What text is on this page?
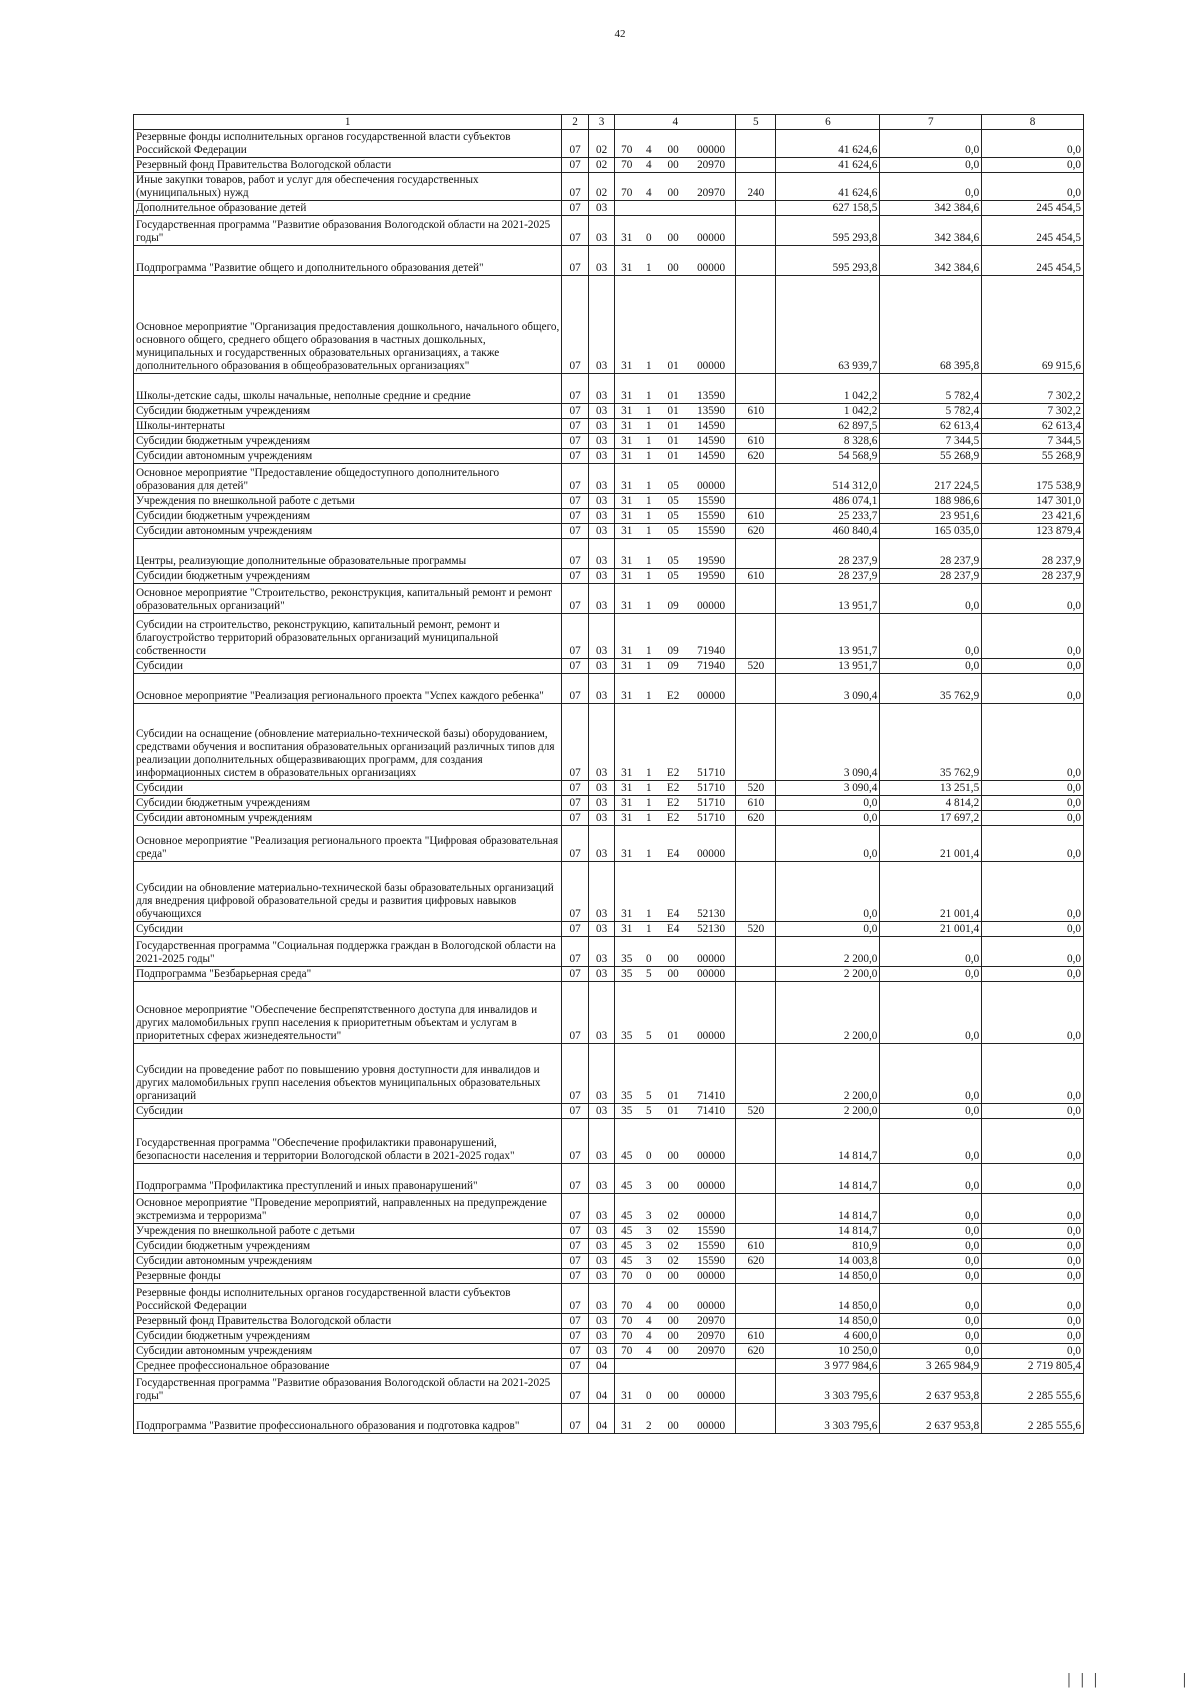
42
1	2	3	4				5	6	7	8
Резервные фонды исполнительных органов государственной власти субъектов Российской Федерации	07	02	70	4	00	00000		41 624,6	0,0	0,0
Резервный фонд Правительства Вологодской области	07	02	70	4	00	20970		41 624,6	0,0	0,0
Иные закупки товаров, работ и услуг для обеспечения государственных (муниципальных) нужд	07	02	70	4	00	20970	240	41 624,6	0,0	0,0
Дополнительное образование детей	07	03						627 158,5	342 384,6	245 454,5
Государственная программа "Развитие образования Вологодской области на 2021-2025 годы"	07	03	31	0	00	00000		595 293,8	342 384,6	245 454,5
Подпрограмма "Развитие общего и дополнительного образования детей"	07	03	31	1	00	00000		595 293,8	342 384,6	245 454,5
Основное мероприятие "Организация предоставления дошкольного, начального общего, основного общего, среднего общего образования в частных дошкольных, муниципальных и государственных образовательных организациях, а также дополнительного образования в общеобразовательных организациях"	07	03	31	1	01	00000		63 939,7	68 395,8	69 915,6
Школы-детские сады, школы начальные, неполные средние и средние	07	03	31	1	01	13590		1 042,2	5 782,4	7 302,2
Субсидии бюджетным учреждениям	07	03	31	1	01	13590	610	1 042,2	5 782,4	7 302,2
Школы-интернаты	07	03	31	1	01	14590		62 897,5	62 613,4	62 613,4
Субсидии бюджетным учреждениям	07	03	31	1	01	14590	610	8 328,6	7 344,5	7 344,5
Субсидии автономным учреждениям	07	03	31	1	01	14590	620	54 568,9	55 268,9	55 268,9
Основное мероприятие "Предоставление общедоступного дополнительного образования для детей"	07	03	31	1	05	00000		514 312,0	217 224,5	175 538,9
Учреждения по внешкольной работе с детьми	07	03	31	1	05	15590		486 074,1	188 986,6	147 301,0
Субсидии бюджетным учреждениям	07	03	31	1	05	15590	610	25 233,7	23 951,6	23 421,6
Субсидии автономным учреждениям	07	03	31	1	05	15590	620	460 840,4	165 035,0	123 879,4
Центры, реализующие дополнительные образовательные программы	07	03	31	1	05	19590		28 237,9	28 237,9	28 237,9
Субсидии бюджетным учреждениям	07	03	31	1	05	19590	610	28 237,9	28 237,9	28 237,9
Основное мероприятие "Строительство, реконструкция, капитальный ремонт и ремонт образовательных организаций"	07	03	31	1	09	00000		13 951,7	0,0	0,0
Субсидии на строительство, реконструкцию, капитальный ремонт, ремонт и благоустройство территорий образовательных организаций муниципальной собственности	07	03	31	1	09	71940		13 951,7	0,0	0,0
Субсидии	07	03	31	1	09	71940	520	13 951,7	0,0	0,0
Основное мероприятие "Реализация регионального проекта "Успех каждого ребенка"	07	03	31	1	E2	00000		3 090,4	35 762,9	0,0
Субсидии на оснащение (обновление материально-технической базы) оборудованием, средствами обучения и воспитания образовательных организаций различных типов для реализации дополнительных общеразвивающих программ, для создания информационных систем в образовательных организациях	07	03	31	1	E2	51710		3 090,4	35 762,9	0,0
Субсидии	07	03	31	1	E2	51710	520	3 090,4	13 251,5	0,0
Субсидии бюджетным учреждениям	07	03	31	1	E2	51710	610	0,0	4 814,2	0,0
Субсидии автономным учреждениям	07	03	31	1	E2	51710	620	0,0	17 697,2	0,0
Основное мероприятие "Реализация регионального проекта "Цифровая образовательная среда"	07	03	31	1	E4	00000		0,0	21 001,4	0,0
Субсидии на обновление материально-технической базы образовательных организаций для внедрения цифровой образовательной среды и развития цифровых навыков обучающихся	07	03	31	1	E4	52130		0,0	21 001,4	0,0
Субсидии	07	03	31	1	E4	52130	520	0,0	21 001,4	0,0
Государственная программа "Социальная поддержка граждан в Вологодской области на 2021-2025 годы"	07	03	35	0	00	00000		2 200,0	0,0	0,0
Подпрограмма "Безбарьерная среда"	07	03	35	5	00	00000		2 200,0	0,0	0,0
Основное мероприятие "Обеспечение беспрепятственного доступа для инвалидов и других маломобильных групп населения к приоритетным объектам и услугам в приоритетных сферах жизнедеятельности"	07	03	35	5	01	00000		2 200,0	0,0	0,0
Субсидии на проведение работ по повышению уровня доступности для инвалидов и других маломобильных групп населения объектов муниципальных образовательных организаций	07	03	35	5	01	71410		2 200,0	0,0	0,0
Субсидии	07	03	35	5	01	71410	520	2 200,0	0,0	0,0
Государственная программа "Обеспечение профилактики правонарушений, безопасности населения и территории Вологодской области в 2021-2025 годах"	07	03	45	0	00	00000		14 814,7	0,0	0,0
Подпрограмма "Профилактика преступлений и иных правонарушений"	07	03	45	3	00	00000		14 814,7	0,0	0,0
Основное мероприятие "Проведение мероприятий, направленных на предупреждение экстремизма и терроризма"	07	03	45	3	02	00000		14 814,7	0,0	0,0
Учреждения по внешкольной работе с детьми	07	03	45	3	02	15590		14 814,7	0,0	0,0
Субсидии бюджетным учреждениям	07	03	45	3	02	15590	610	810,9	0,0	0,0
Субсидии автономным учреждениям	07	03	45	3	02	15590	620	14 003,8	0,0	0,0
Резервные фонды	07	03	70	0	00	00000		14 850,0	0,0	0,0
Резервные фонды исполнительных органов государственной власти субъектов Российской Федерации	07	03	70	4	00	00000		14 850,0	0,0	0,0
Резервный фонд Правительства Вологодской области	07	03	70	4	00	20970		14 850,0	0,0	0,0
Субсидии бюджетным учреждениям	07	03	70	4	00	20970	610	4 600,0	0,0	0,0
Субсидии автономным учреждениям	07	03	70	4	00	20970	620	10 250,0	0,0	0,0
Среднее профессиональное образование	07	04						3 977 984,6	3 265 984,9	2 719 805,4
Государственная программа "Развитие образования Вологодской области на 2021-2025 годы"	07	04	31	0	00	00000		3 303 795,6	2 637 953,8	2 285 555,6
Подпрограмма "Развитие профессионального образования и подготовка кадров"	07	04	31	2	00	00000		3 303 795,6	2 637 953,8	2 285 555,6
| | |	|
